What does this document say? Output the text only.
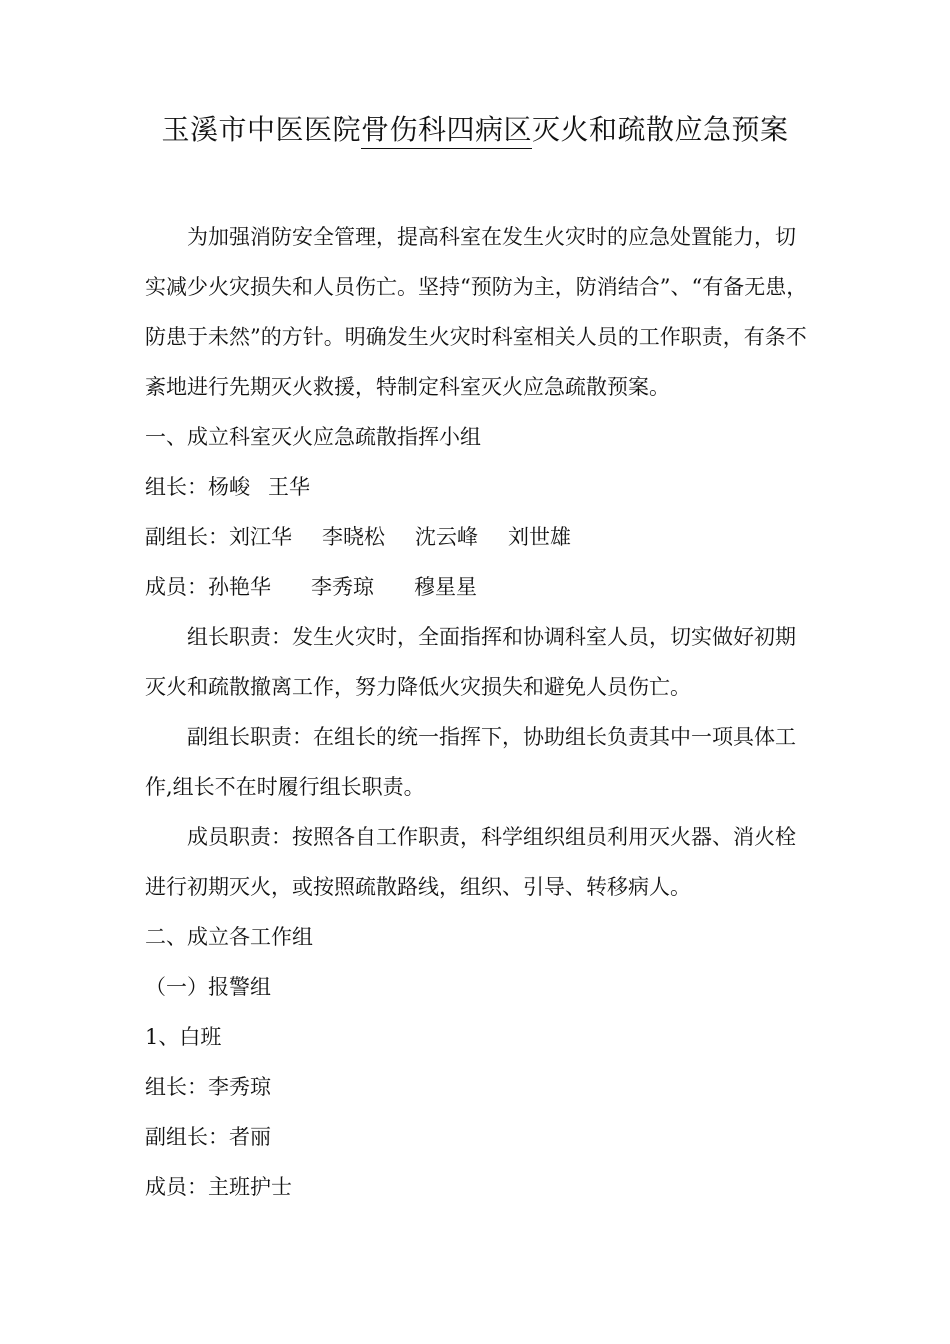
玉溪市中医医院骨伤科四病区灭火和疏散应急预案

为加强消防安全管理，提高科室在发生火灾时的应急处置能力，切实减少火灾损失和人员伤亡。坚持“预防为主，防消结合”、“有备无患，防患于未然”的方针。明确发生火灾时科室相关人员的工作职责，有条不紊地进行先期灭火救援，特制定科室灭火应急疏散预案。

一、成立科室灭火应急疏散指挥小组

组长：杨峻 王华

副组长：刘江华 李晓松 沈云峰 刘世雄

成员：孙艳华 李秀琼 穆星星

组长职责：发生火灾时，全面指挥和协调科室人员，切实做好初期灭火和疏散撤离工作，努力降低火灾损失和避免人员伤亡。

副组长职责：在组长的统一指挥下，协助组长负责其中一项具体工作,组长不在时履行组长职责。

成员职责：按照各自工作职责，科学组织组员利用灭火器、消火栓进行初期灭火，或按照疏散路线，组织、引导、转移病人。

二、成立各工作组

（一）报警组

1、白班

组长：李秀琼

副组长：者丽

成员：主班护士
